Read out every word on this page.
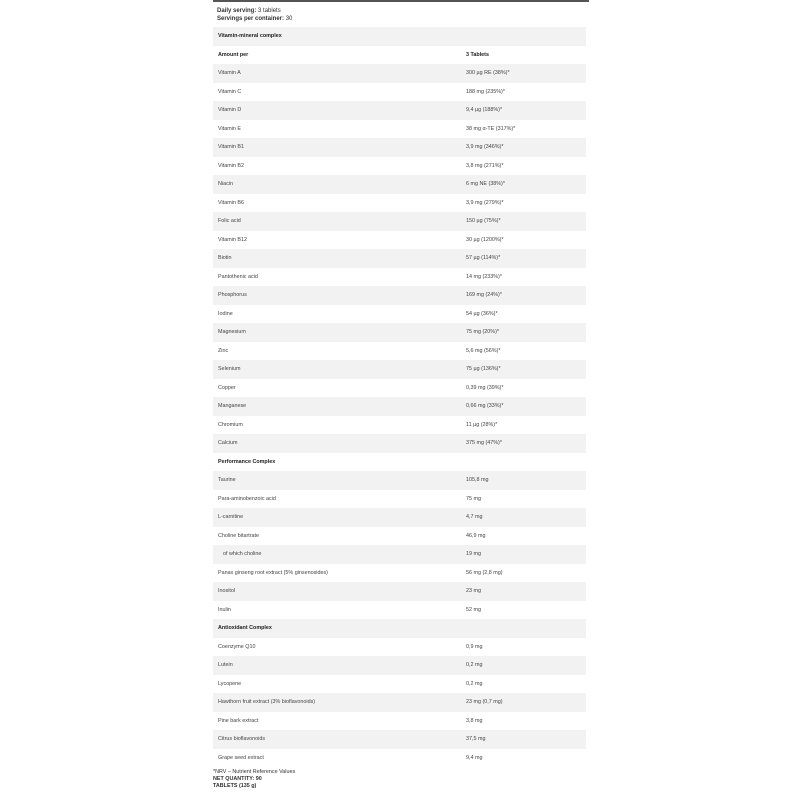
Daily serving: 3 tablets
Servings per container: 30
Vitamin-mineral complex
Amount per	3 Tablets
Vitamin A	300 µg RE (38%)*
Vitamin C	188 mg (235%)*
Vitamin D	9,4 µg (188%)*
Vitamin E	38 mg α-TE (317%)*
Vitamin B1	3,9 mg (346%)*
Vitamin B2	3,8 mg (271%)*
Niacin	6 mg NE (38%)*
Vitamin B6	3,9 mg (279%)*
Folic acid	150 µg (75%)*
Vitamin B12	30 µg (1200%)*
Biotin	57 µg (114%)*
Pantothenic acid	14 mg (233%)*
Phosphorus	169 mg (24%)*
Iodine	54 µg (36%)*
Magnesium	75 mg (20%)*
Zinc	5,6 mg (56%)*
Selenium	75 µg (136%)*
Copper	0,39 mg (39%)*
Manganese	0,66 mg (33%)*
Chromium	11 µg (28%)*
Calcium	375 mg (47%)*
Performance Complex
Taurine	105,8 mg
Para-aminobenzoic acid	75 mg
L-carnitine	4,7 mg
Choline bitartrate	46,9 mg
of which choline	19 mg
Panax ginseng root extract (5% ginsenosides)	56 mg (2,8 mg)
Inositol	23 mg
Inulin	52 mg
Antioxidant Complex
Coenzyme Q10	0,9 mg
Lutein	0,2 mg
Lycopene	0,2 mg
Hawthorn fruit extract (3% bioflavonoids)	23 mg (0,7 mg)
Pine bark extract	3,8 mg
Citrus bioflavonoids	37,5 mg
Grape seed extract	9,4 mg
*NRV – Nutrient Reference Values
NET QUANTITY: 90
TABLETS (135 g)
